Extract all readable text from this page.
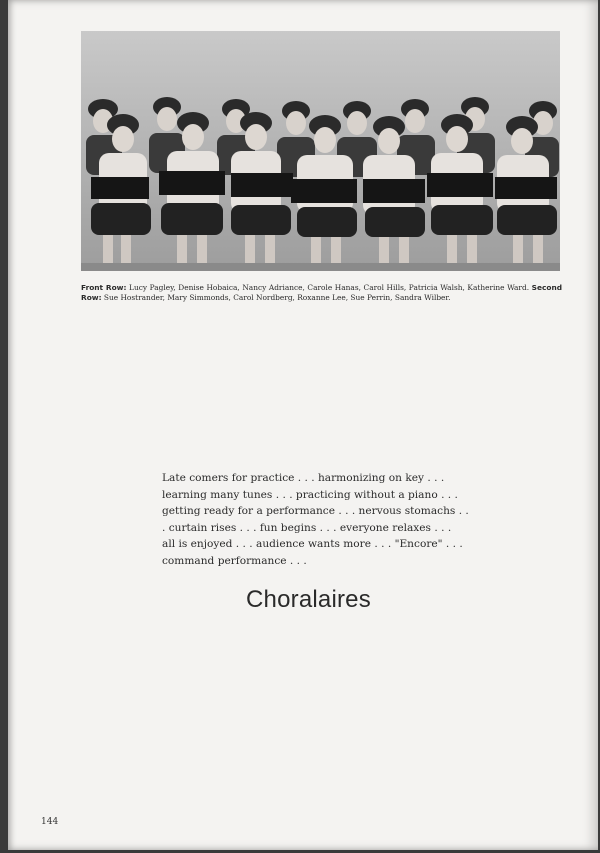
Front Row: Lucy Pagley, Denise Hobaica, Nancy Adriance, Carole Hanas, Carol Hills, Patricia Walsh, Katherine Ward. Second Row: Sue Hostrander, Mary Simmonds, Carol Nordberg, Roxanne Lee, Sue Perrin, Sandra Wilber.
Late comers for practice . . . harmonizing on key . . .
learning many tunes . . . practicing without a piano . . .
getting ready for a performance . . . nervous stomachs . .
. curtain rises . . . fun begins . . . everyone relaxes . . .
all is enjoyed . . . audience wants more . . . "Encore" . . .
command performance . . .
Choralaires
144
